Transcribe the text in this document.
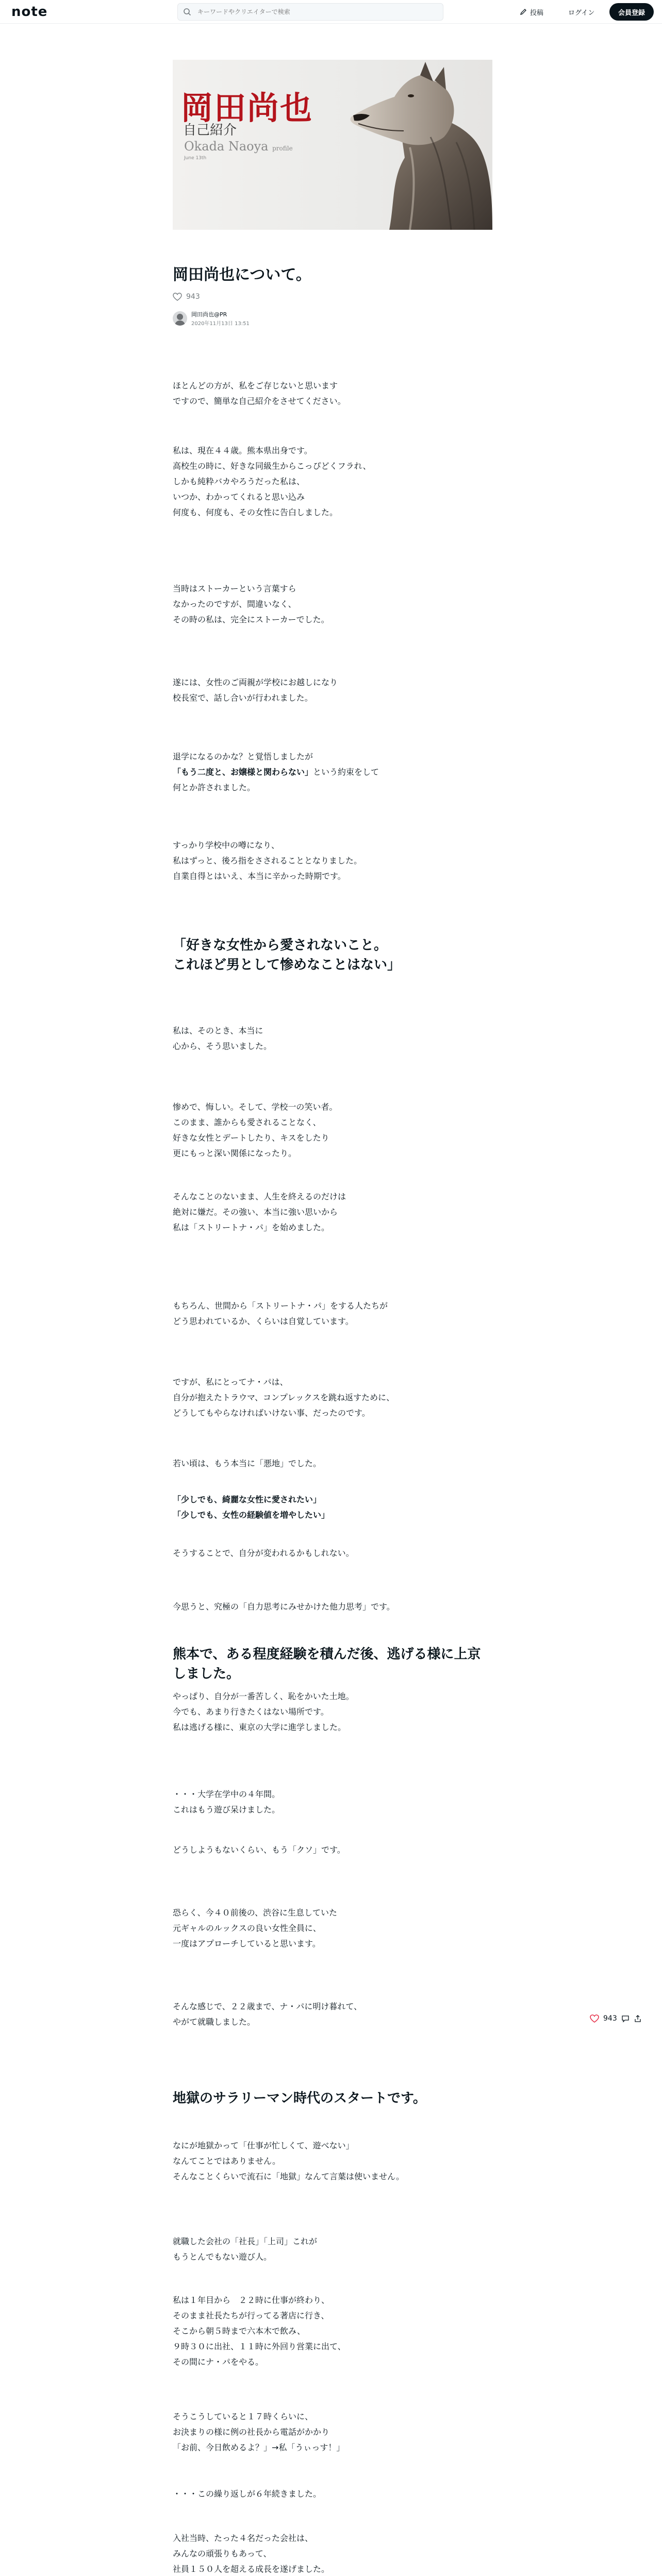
note
キーワードやクリエイターで検索	投稿	ログイン	会員登録
岡田尚也
自己紹介
Okada Naoya profile
June 13th
岡田尚也について。
943
岡田尚也@PR
2020年11月13日 13:51
ほとんどの方が、私をご存じないと思います
ですので、簡単な自己紹介をさせてください。
私は、現在４４歳。熊本県出身です。
高校生の時に、好きな同級生からこっぴどくフラれ、
しかも純粋バカやろうだった私は、
いつか、わかってくれると思い込み
何度も、何度も、その女性に告白しました。
当時はストーカーという言葉すら
なかったのですが、間違いなく、
その時の私は、完全にストーカーでした。
遂には、女性のご両親が学校にお越しになり
校長室で、話し合いが行われました。
退学になるのかな？と覚悟しましたが
「もう二度と、お嬢様と関わらない」という約束をして
何とか許されました。
すっかり学校中の噂になり、
私はずっと、後ろ指をさされることとなりました。
自業自得とはいえ、本当に辛かった時期です。
「好きな女性から愛されないこと。
これほど男として惨めなことはない」
私は、そのとき、本当に
心から、そう思いました。
惨めで、悔しい。そして、学校一の笑い者。
このまま、誰からも愛されることなく、
好きな女性とデートしたり、キスをしたり
更にもっと深い関係になったり。
そんなことのないまま、人生を終えるのだけは
絶対に嫌だ。その強い、本当に強い思いから
私は「ストリートナ・パ」を始めました。
もちろん、世間から「ストリートナ・パ」をする人たちが
どう思われているか、くらいは自覚しています。
ですが、私にとってナ・パは、
自分が抱えたトラウマ、コンプレックスを跳ね返すために、
どうしてもやらなければいけない事、だったのです。
若い頃は、もう本当に「悪地」でした。
「少しでも、綺麗な女性に愛されたい」
「少しでも、女性の経験値を増やしたい」
そうすることで、自分が変われるかもしれない。
今思うと、究極の「自力思考にみせかけた他力思考」です。
熊本で、ある程度経験を積んだ後、逃げる様に上京しました。
やっぱり、自分が一番苦しく、恥をかいた土地。
今でも、あまり行きたくはない場所です。
私は逃げる様に、東京の大学に進学しました。
・・・大学在学中の４年間。
これはもう遊び呆けました。
どうしようもないくらい、もう「クソ」です。
恐らく、今４０前後の、渋谷に生息していた
元ギャルのルックスの良い女性全員に、
一度はアプローチしていると思います。
そんな感じで、２２歳まで、ナ・パに明け暮れて、
やがて就職しました。
地獄のサラリーマン時代のスタートです。
なにが地獄かって「仕事が忙しくて、遊べない」
なんてことではありません。
そんなことくらいで流石に「地獄」なんて言葉は使いません。
就職した会社の「社長」「上司」これが
もうとんでもない遊び人。
私は１年目から　２２時に仕事が終わり、
そのまま社長たちが行ってる著店に行き、
そこから朝５時まで六本木で飲み、
９時３０に出社、１１時に外回り営業に出て、
その間にナ・パをやる。
そうこうしていると１７時くらいに、
お決まりの様に例の社長から電話がかかり
「お前、今日飲めるよ？」→私「うぃっす！」
・・・この繰り返しが６年続きました。
入社当時、たった４名だった会社は、
みんなの頑張りもあって、
社員１５０人を超える成長を遂げました。
943
